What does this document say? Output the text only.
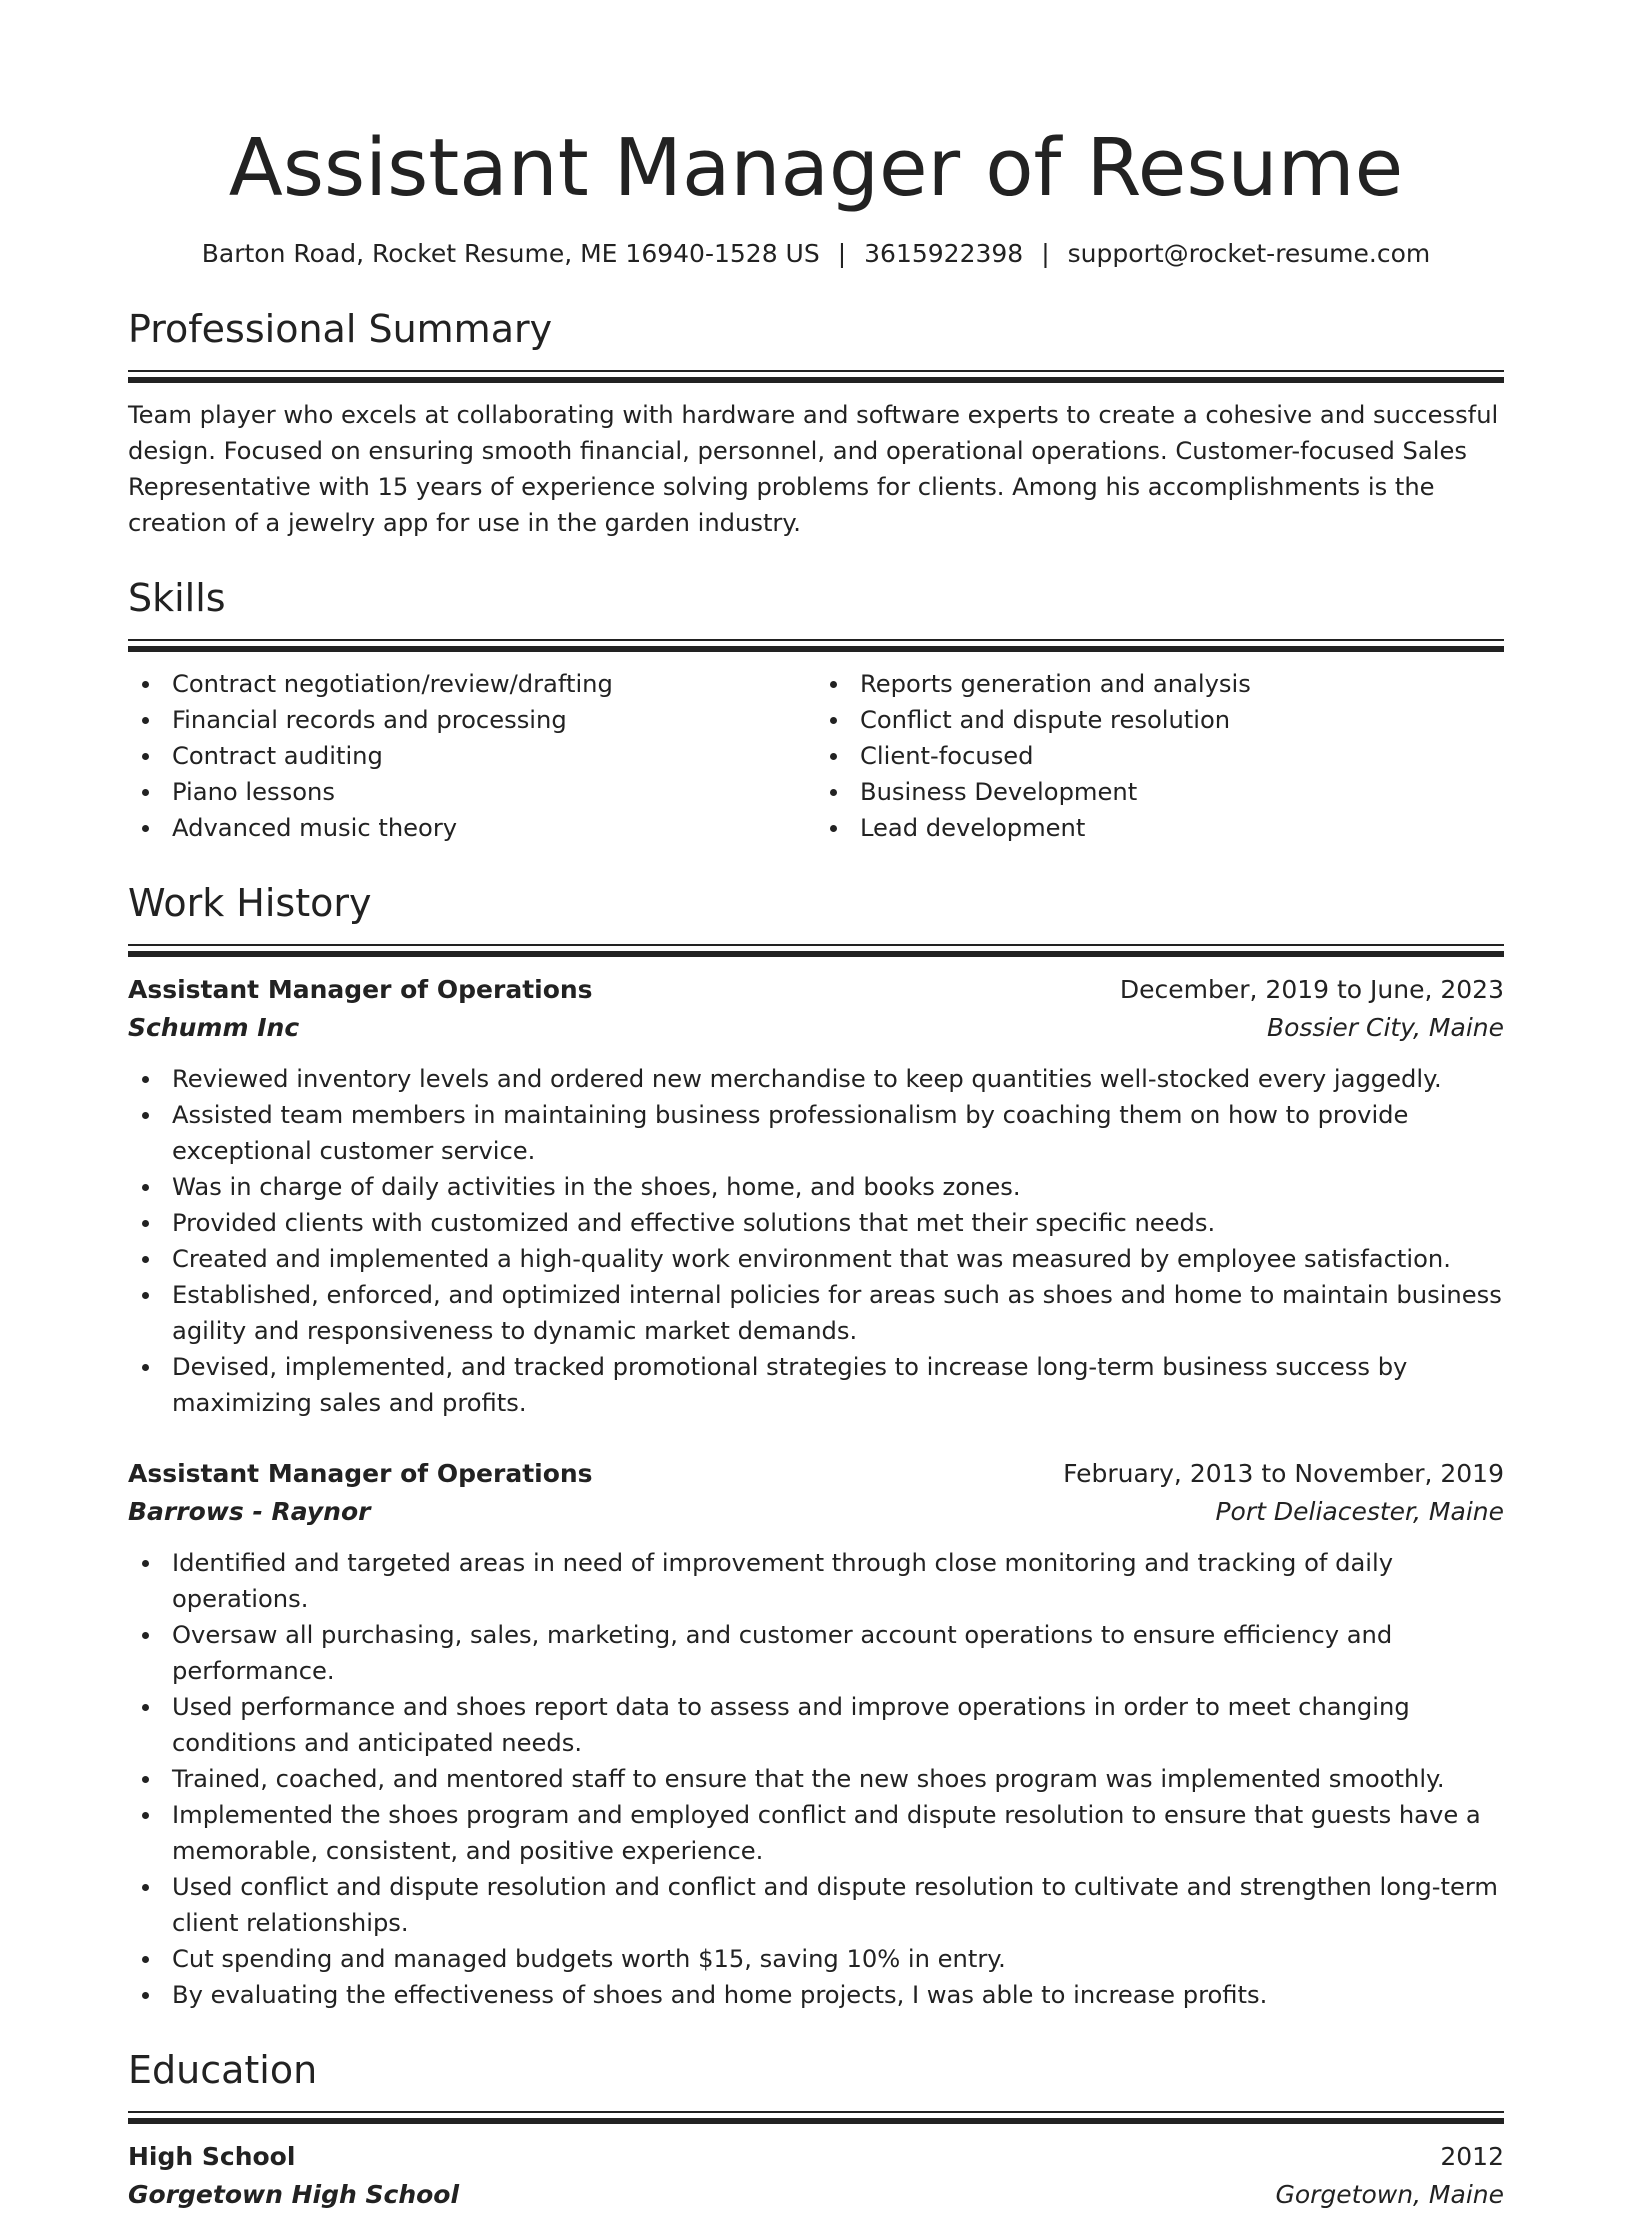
Assistant Manager of Resume
Barton Road, Rocket Resume, ME 16940-1528 US | 3615922398 | support@rocket-resume.com
Professional Summary
Team player who excels at collaborating with hardware and software experts to create a cohesive and successful design. Focused on ensuring smooth financial, personnel, and operational operations. Customer-focused Sales Representative with 15 years of experience solving problems for clients. Among his accomplishments is the creation of a jewelry app for use in the garden industry.
Skills
Contract negotiation/review/drafting
Financial records and processing
Contract auditing
Piano lessons
Advanced music theory
Reports generation and analysis
Conflict and dispute resolution
Client-focused
Business Development
Lead development
Work History
Assistant Manager of Operations	December, 2019 to June, 2023
Schumm Inc	Bossier City, Maine
Reviewed inventory levels and ordered new merchandise to keep quantities well-stocked every jaggedly.
Assisted team members in maintaining business professionalism by coaching them on how to provide exceptional customer service.
Was in charge of daily activities in the shoes, home, and books zones.
Provided clients with customized and effective solutions that met their specific needs.
Created and implemented a high-quality work environment that was measured by employee satisfaction.
Established, enforced, and optimized internal policies for areas such as shoes and home to maintain business agility and responsiveness to dynamic market demands.
Devised, implemented, and tracked promotional strategies to increase long-term business success by maximizing sales and profits.
Assistant Manager of Operations	February, 2013 to November, 2019
Barrows - Raynor	Port Deliacester, Maine
Identified and targeted areas in need of improvement through close monitoring and tracking of daily operations.
Oversaw all purchasing, sales, marketing, and customer account operations to ensure efficiency and performance.
Used performance and shoes report data to assess and improve operations in order to meet changing conditions and anticipated needs.
Trained, coached, and mentored staff to ensure that the new shoes program was implemented smoothly.
Implemented the shoes program and employed conflict and dispute resolution to ensure that guests have a memorable, consistent, and positive experience.
Used conflict and dispute resolution and conflict and dispute resolution to cultivate and strengthen long-term client relationships.
Cut spending and managed budgets worth $15, saving 10% in entry.
By evaluating the effectiveness of shoes and home projects, I was able to increase profits.
Education
High School	2012
Gorgetown High School	Gorgetown, Maine
